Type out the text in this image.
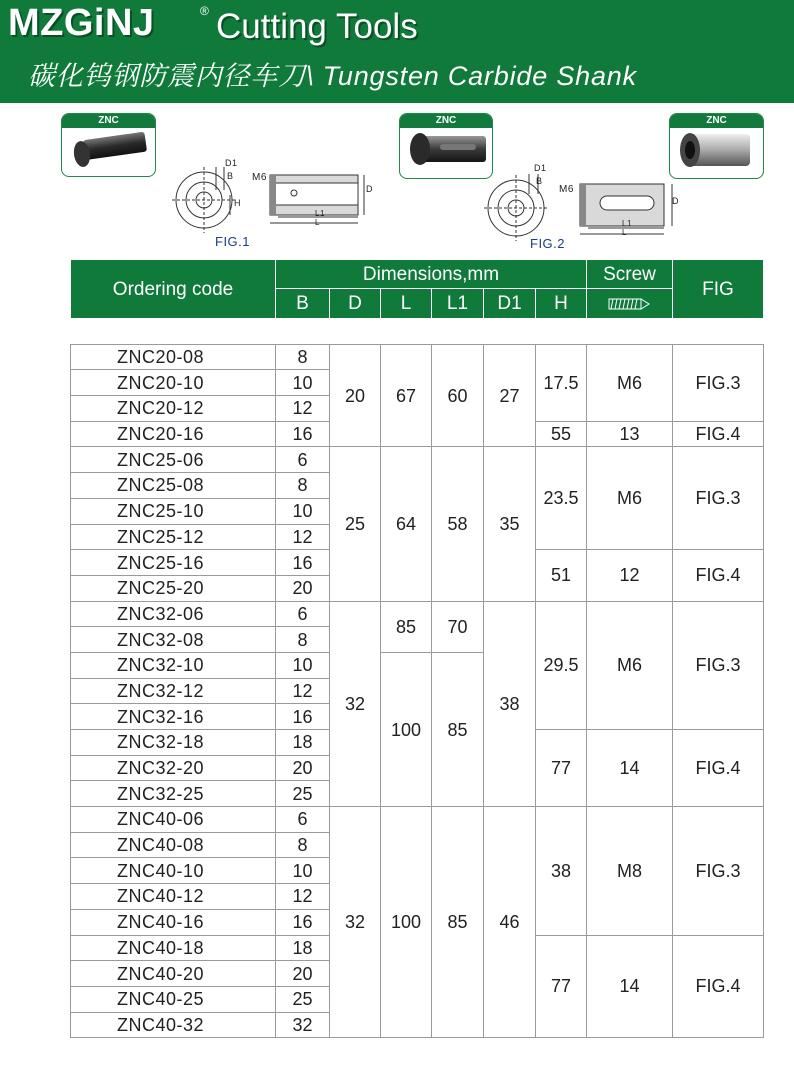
MZGiNJ	® Cutting Tools
碳化钨钢防震内径车刀\ Tungsten Carbide Shank
ZNC	ZNC	ZNC
D1
B
H
M6
D
L1
L
FIG.1
D1
B
M6
D
L1
L
FIG.2
Ordering code	Dimensions,mm						Screw	FIG
	B	D	L	L1	D1	H	

ZNC20-08	8	20	67	60	27	17.5	M6	FIG.3
ZNC20-10	10							
ZNC20-12	12							
ZNC20-16	16					55	13	FIG.4
ZNC25-06	6	25	64	58	35	23.5	M6	FIG.3
ZNC25-08	8							
ZNC25-10	10							
ZNC25-12	12							
ZNC25-16	16					51	12	FIG.4
ZNC25-20	20							
ZNC32-06	6	32	85	70	38	29.5	M6	FIG.3
ZNC32-08	8							
ZNC32-10	10		100	85				
ZNC32-12	12							
ZNC32-16	16							
ZNC32-18	18					77	14	FIG.4
ZNC32-20	20							
ZNC32-25	25							
ZNC40-06	6	32	100	85	46	38	M8	FIG.3
ZNC40-08	8							
ZNC40-10	10							
ZNC40-12	12							
ZNC40-16	16							
ZNC40-18	18					77	14	FIG.4
ZNC40-20	20							
ZNC40-25	25							
ZNC40-32	32							
